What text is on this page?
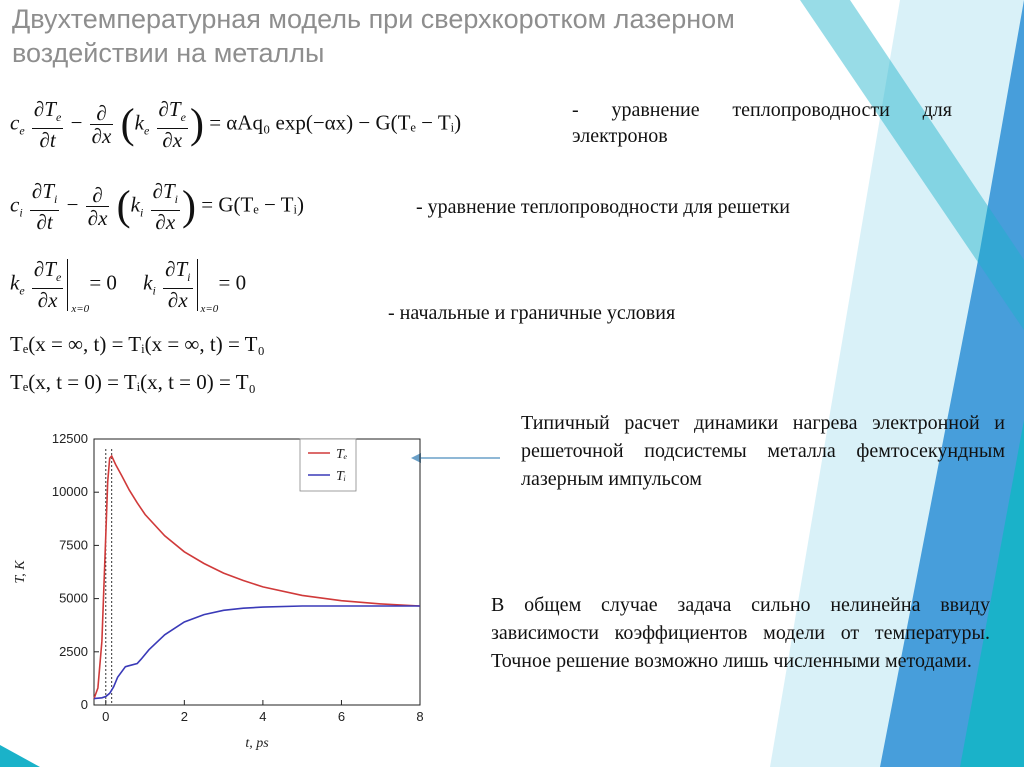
Двухтемпературная модель при сверхкоротком лазерном воздействии на металлы
$c_e \frac{\partial T_e}{\partial t} - \frac{\partial}{\partial x} (k_e \frac{\partial T_e}{\partial x}$ ) = αAq₀ exp(−αx) − G(Tₑ − Tᵢ)
- уравнение теплопроводности для электронов
$c_i \frac{\partial T_i}{\partial t} - \frac{\partial}{\partial x} (k_i \frac{\partial T_i}{\partial x}$ ) = G(Tₑ − Tᵢ)	- уравнение теплопроводности для решетки
$k_e \frac{\partial T_e}{\partial x} x=0$
= 0 $k_i \frac{\partial T_i}{\partial x} x=0$
= 0
- начальные и граничные условия
Tₑ(x = ∞, t) = Tᵢ(x = ∞, t) = T₀
Tₑ(x, t = 0) = Tᵢ(x, t = 0) = T₀
Типичный расчет динамики нагрева электронной и решеточной подсистемы металла фемтосекундным лазерным импульсом
В общем случае задача сильно нелинейна ввиду зависимости коэффициентов модели от температуры. Точное решение возможно лишь численными методами.
0
2500
5000
7500
10000
12500
0	2	4	6	8
Tₑ
Tᵢ
t, ps
T, K
